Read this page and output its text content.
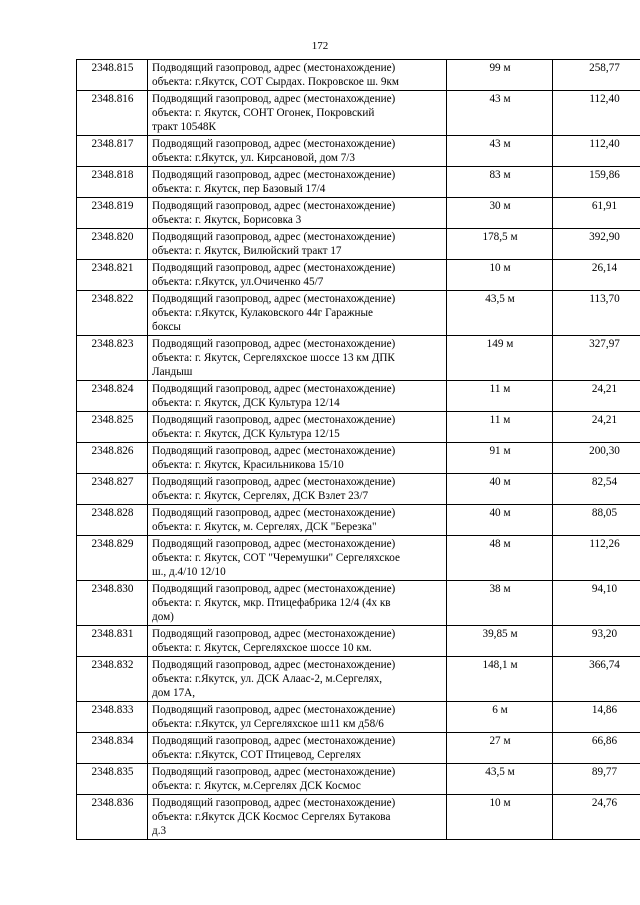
172
2348.815	Подводящий газопровод, адрес (местонахождение)
объекта: г.Якутск, СОТ Сырдах. Покровское ш. 9км	99 м	258,77
2348.816	Подводящий газопровод, адрес (местонахождение)
объекта: г. Якутск, СОНТ Огонек, Покровский
тракт 10548К	43 м	112,40
2348.817	Подводящий газопровод, адрес (местонахождение)
объекта: г.Якутск, ул. Кирсановой, дом 7/3	43 м	112,40
2348.818	Подводящий газопровод, адрес (местонахождение)
объекта: г. Якутск, пер Базовый 17/4	83 м	159,86
2348.819	Подводящий газопровод, адрес (местонахождение)
объекта: г. Якутск, Борисовка 3	30 м	61,91
2348.820	Подводящий газопровод, адрес (местонахождение)
объекта: г. Якутск, Вилюйский тракт 17	178,5 м	392,90
2348.821	Подводящий газопровод, адрес (местонахождение)
объекта: г.Якутск, ул.Очиченко 45/7	10 м	26,14
2348.822	Подводящий газопровод, адрес (местонахождение)
объекта: г.Якутск, Кулаковского 44г Гаражные
боксы	43,5 м	113,70
2348.823	Подводящий газопровод, адрес (местонахождение)
объекта: г. Якутск, Сергеляхское шоссе 13 км ДПК
Ландыш	149 м	327,97
2348.824	Подводящий газопровод, адрес (местонахождение)
объекта: г. Якутск, ДСК Культура 12/14	11 м	24,21
2348.825	Подводящий газопровод, адрес (местонахождение)
объекта: г. Якутск, ДСК Культура 12/15	11 м	24,21
2348.826	Подводящий газопровод, адрес (местонахождение)
объекта: г. Якутск, Красильникова 15/10	91 м	200,30
2348.827	Подводящий газопровод, адрес (местонахождение)
объекта: г. Якутск, Сергелях, ДСК Взлет 23/7	40 м	82,54
2348.828	Подводящий газопровод, адрес (местонахождение)
объекта: г. Якутск, м. Сергелях, ДСК "Березка"	40 м	88,05
2348.829	Подводящий газопровод, адрес (местонахождение)
объекта: г. Якутск, СОТ "Черемушки" Сергеляхское
ш., д.4/10 12/10	48 м	112,26
2348.830	Подводящий газопровод, адрес (местонахождение)
объекта: г. Якутск, мкр. Птицефабрика 12/4 (4х кв
дом)	38 м	94,10
2348.831	Подводящий газопровод, адрес (местонахождение)
объекта: г. Якутск, Сергеляхское шоссе 10 км.	39,85 м	93,20
2348.832	Подводящий газопровод, адрес (местонахождение)
объекта: г.Якутск, ул. ДСК Алаас-2, м.Сергелях,
дом 17А,	148,1 м	366,74
2348.833	Подводящий газопровод, адрес (местонахождение)
объекта: г.Якутск, ул Сергеляхское ш11 км д58/6	6 м	14,86
2348.834	Подводящий газопровод, адрес (местонахождение)
объекта: г.Якутск, СОТ Птицевод, Сергелях	27 м	66,86
2348.835	Подводящий газопровод, адрес (местонахождение)
объекта: г. Якутск, м.Сергелях ДСК Космос	43,5 м	89,77
2348.836	Подводящий газопровод, адрес (местонахождение)
объекта: г.Якутск ДСК Космос Сергелях Бутакова
д.3	10 м	24,76
